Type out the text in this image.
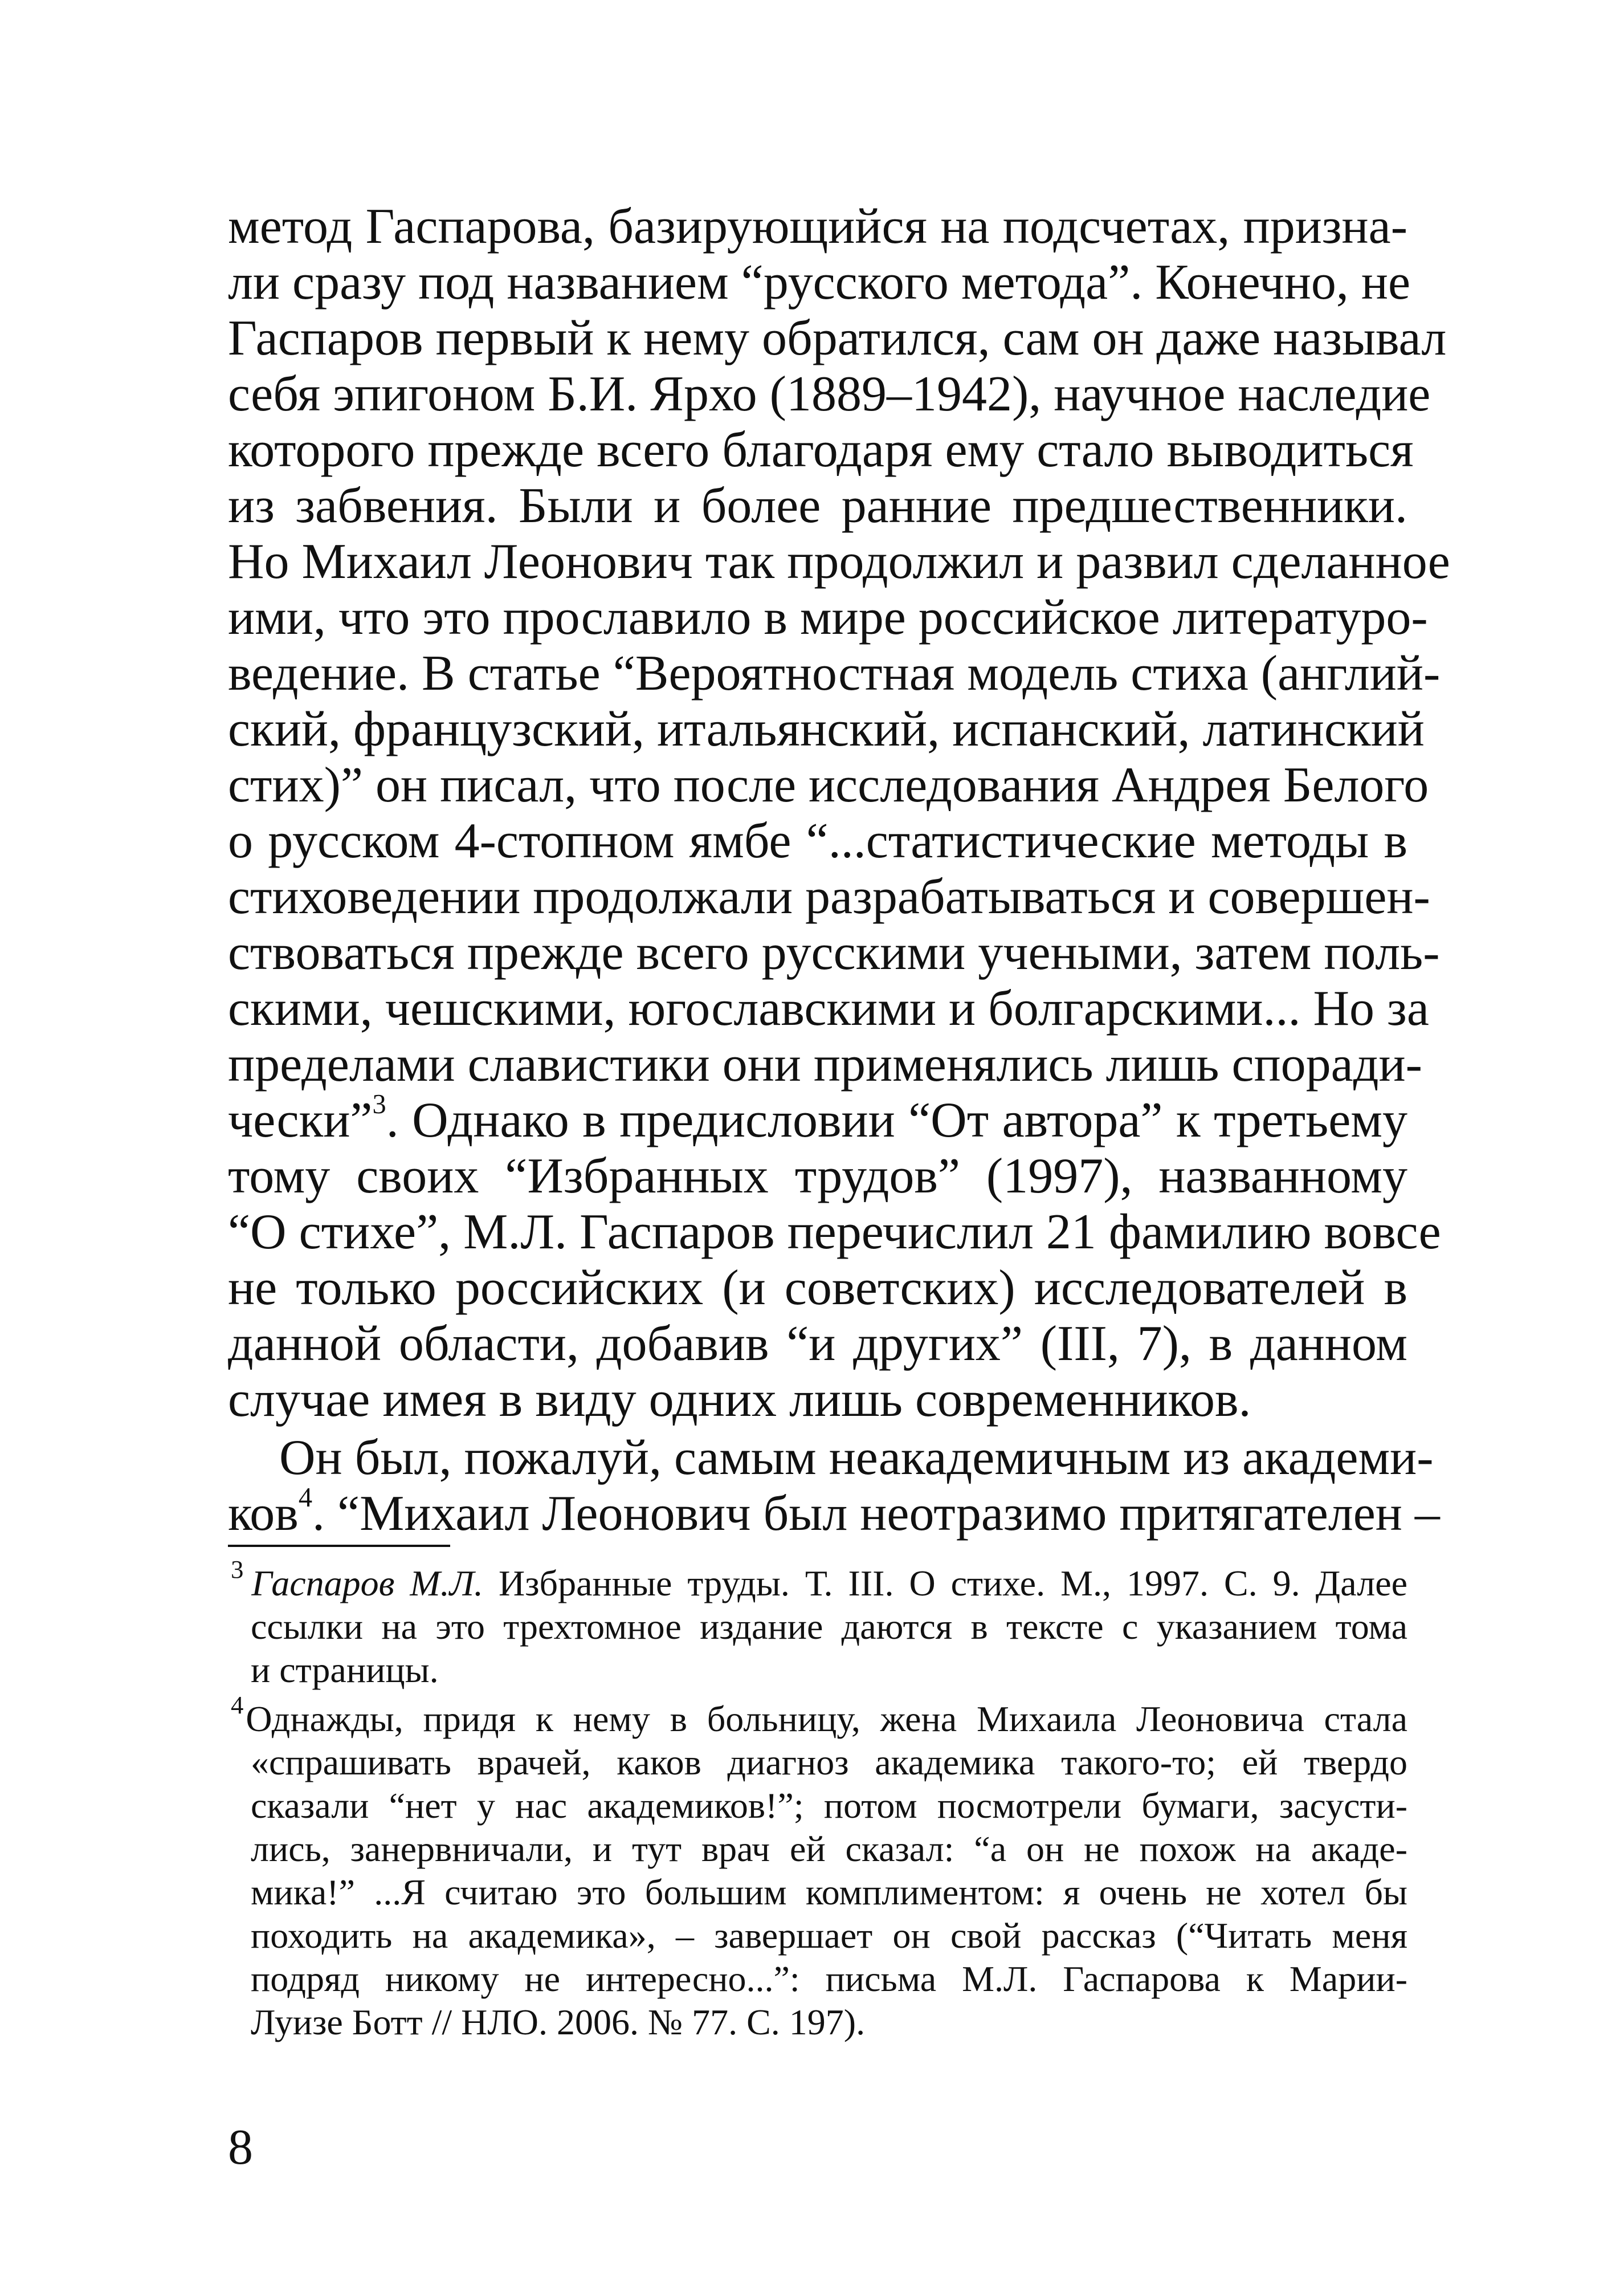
метод Гаспарова, базирующийся на подсчетах, призна-
ли сразу под названием “русского метода”. Конечно, не
Гаспаров первый к нему обратился, сам он даже называл
себя эпигоном Б.И. Ярхо (1889–1942), научное наследие
которого прежде всего благодаря ему стало выводиться
из забвения. Были и более ранние предшественники.
Но Михаил Леонович так продолжил и развил сделанное
ими, что это прославило в мире российское литературо-
ведение. В статье “Вероятностная модель стиха (англий-
ский, французский, итальянский, испанский, латинский
стих)” он писал, что после исследования Андрея Белого
о русском 4-стопном ямбе “...статистические методы в
стиховедении продолжали разрабатываться и совершен-
ствоваться прежде всего русскими учеными, затем поль-
скими, чешскими, югославскими и болгарскими... Но за
пределами славистики они применялись лишь споради-
чески”$^3$. Однако в предисловии “От автора” к третьему
тому своих “Избранных трудов” (1997), названному
“О стихе”, М.Л. Гаспаров перечислил 21 фамилию вовсе
не только российских (и советских) исследователей в
данной области, добавив “и других” (III, 7), в данном
случае имея в виду одних лишь современников.
Он был, пожалуй, самым неакадемичным из академи-
ков$^4$. “Михаил Леонович был неотразимо притягателен –
$^3$ Гаспаров М.Л. Избранные труды. Т. III. О стихе. М., 1997. С. 9. Далее
ссылки на это трехтомное издание даются в тексте с указанием тома
и страницы.
$^4$Однажды, придя к нему в больницу, жена Михаила Леоновича стала
«спрашивать врачей, каков диагноз академика такого-то; ей твердо
сказали “нет у нас академиков!”; потом посмотрели бумаги, засусти-
лись, занервничали, и тут врач ей сказал: “а он не похож на акаде-
мика!” ...Я считаю это большим комплиментом: я очень не хотел бы
походить на академика», – завершает он свой рассказ (“Читать меня
подряд никому не интересно...”: письма М.Л. Гаспарова к Марии-
Луизе Ботт // НЛО. 2006. № 77. С. 197).
8
